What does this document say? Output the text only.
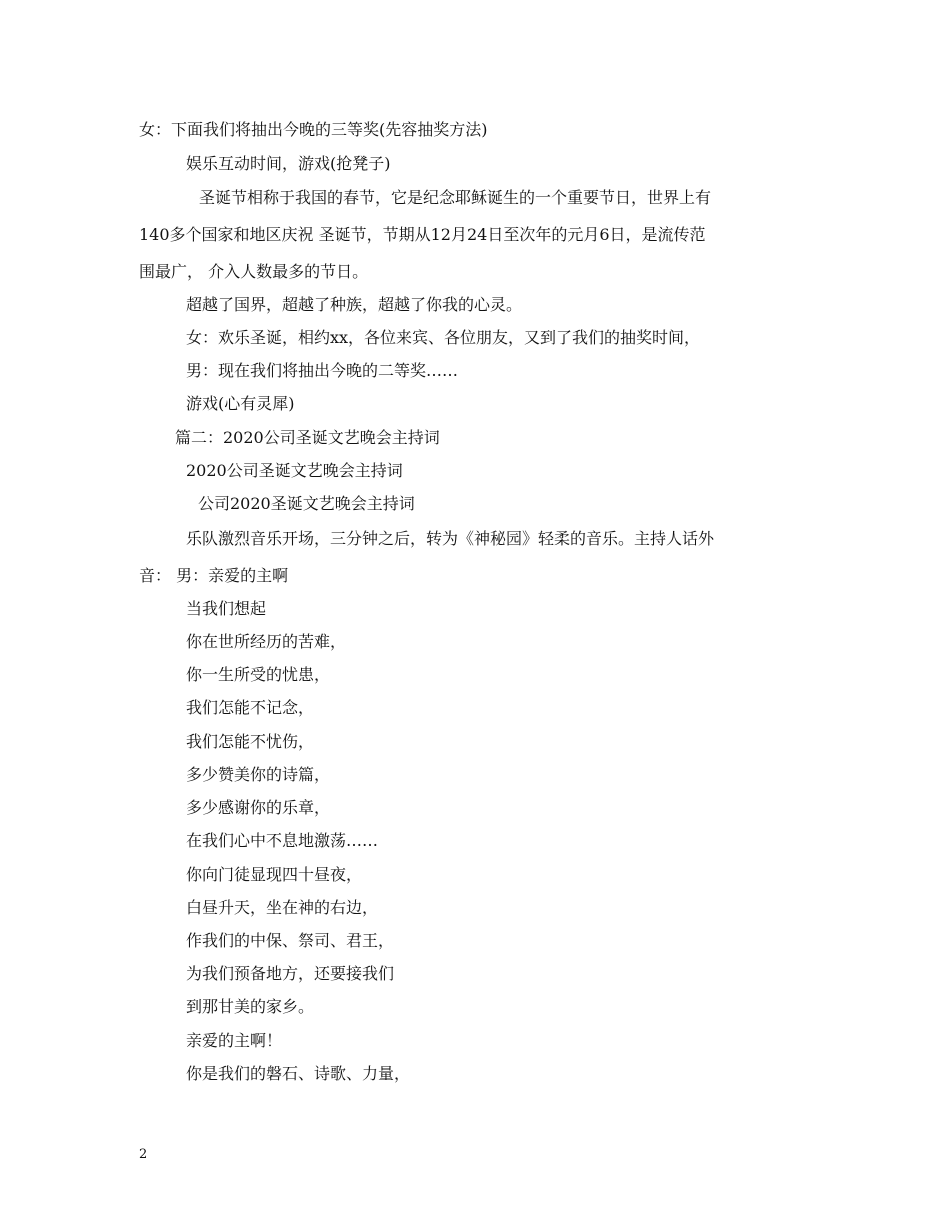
女：下面我们将抽出今晚的三等奖(先容抽奖方法)
娱乐互动时间，游戏(抢凳子)
圣诞节相称于我国的春节，它是纪念耶稣诞生的一个重要节日，世界上有
140多个国家和地区庆祝 圣诞节，节期从12月24日至次年的元月6日，是流传范
围最广， 介入人数最多的节日。
超越了国界，超越了种族，超越了你我的心灵。
女：欢乐圣诞，相约xx，各位来宾、各位朋友，又到了我们的抽奖时间，
男：现在我们将抽出今晚的二等奖……
游戏(心有灵犀)
篇二：2020公司圣诞文艺晚会主持词
2020公司圣诞文艺晚会主持词
公司2020圣诞文艺晚会主持词
乐队激烈音乐开场，三分钟之后，转为《神秘园》轻柔的音乐。主持人话外
音： 男：亲爱的主啊
当我们想起
你在世所经历的苦难，
你一生所受的忧患，
我们怎能不记念，
我们怎能不忧伤，
多少赞美你的诗篇，
多少感谢你的乐章，
在我们心中不息地激荡……
你向门徒显现四十昼夜，
白昼升天，坐在神的右边，
作我们的中保、祭司、君王，
为我们预备地方，还要接我们
到那甘美的家乡。
亲爱的主啊！
你是我们的磐石、诗歌、力量，
2
